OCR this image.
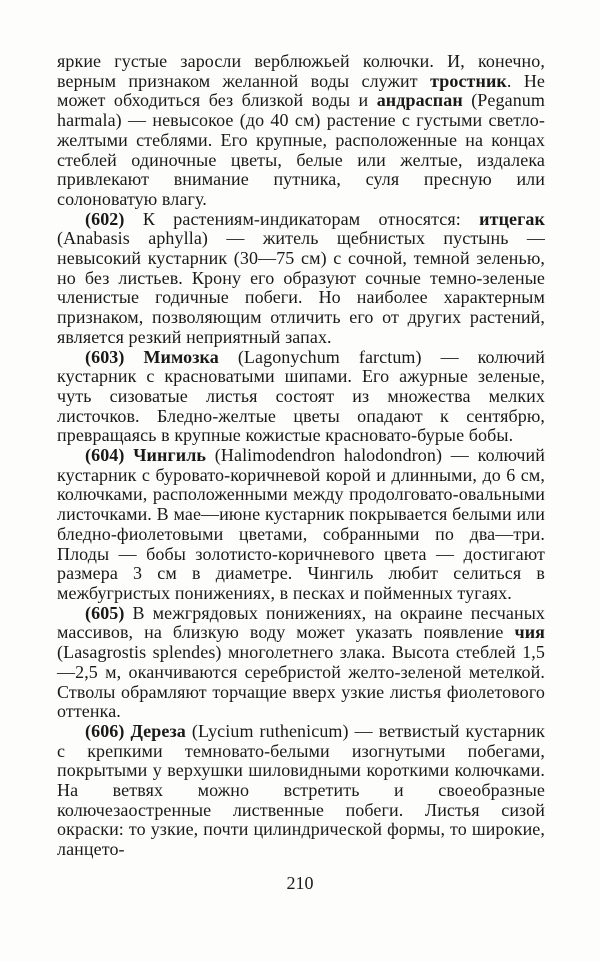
яркие густые заросли верблюжьей колючки. И, конечно, верным признаком желанной воды служит тростник. Не может обходиться без близкой воды и андраспан (Peganum harmala) — невысокое (до 40 см) растение с густыми светло-желтыми стеблями. Его крупные, расположенные на концах стеблей одиночные цветы, белые или желтые, издалека привлекают внимание путника, суля пресную или солоноватую влагу.

(602) К растениям-индикаторам относятся: итцегак (Anabasis aphylla) — житель щебнистых пустынь — невысокий кустарник (30—75 см) с сочной, темной зеленью, но без листьев. Крону его образуют сочные темно-зеленые членистые годичные побеги. Но наиболее характерным признаком, позволяющим отличить его от других растений, является резкий неприятный запах.

(603) Мимозка (Lagonychum farctum) — колючий кустарник с красноватыми шипами. Его ажурные зеленые, чуть сизоватые листья состоят из множества мелких листочков. Бледно-желтые цветы опадают к сентябрю, превращаясь в крупные кожистые красновато-бурые бобы.

(604) Чингиль (Halimodendron halodondron) — колючий кустарник с буровато-коричневой корой и длинными, до 6 см, колючками, расположенными между продолговато-овальными листочками. В мае—июне кустарник покрывается белыми или бледно-фиолетовыми цветами, собранными по два—три. Плоды — бобы золотисто-коричневого цвета — достигают размера 3 см в диаметре. Чингиль любит селиться в межбугристых понижениях, в песках и пойменных тугаях.

(605) В межгрядовых понижениях, на окраине песчаных массивов, на близкую воду может указать появление чия (Lasagrostis splendes) многолетнего злака. Высота стеблей 1,5—2,5 м, оканчиваются серебристой желто-зеленой метелкой. Стволы обрамляют торчащие вверх узкие листья фиолетового оттенка.

(606) Дереза (Lycium ruthenicum) — ветвистый кустарник с крепкими темновато-белыми изогнутыми побегами, покрытыми у верхушки шиловидными короткими колючками. На ветвях можно встретить и своеобразные колючезаостренные лиственные побеги. Листья сизой окраски: то узкие, почти цилиндрической формы, то широкие, ланцето-

210
